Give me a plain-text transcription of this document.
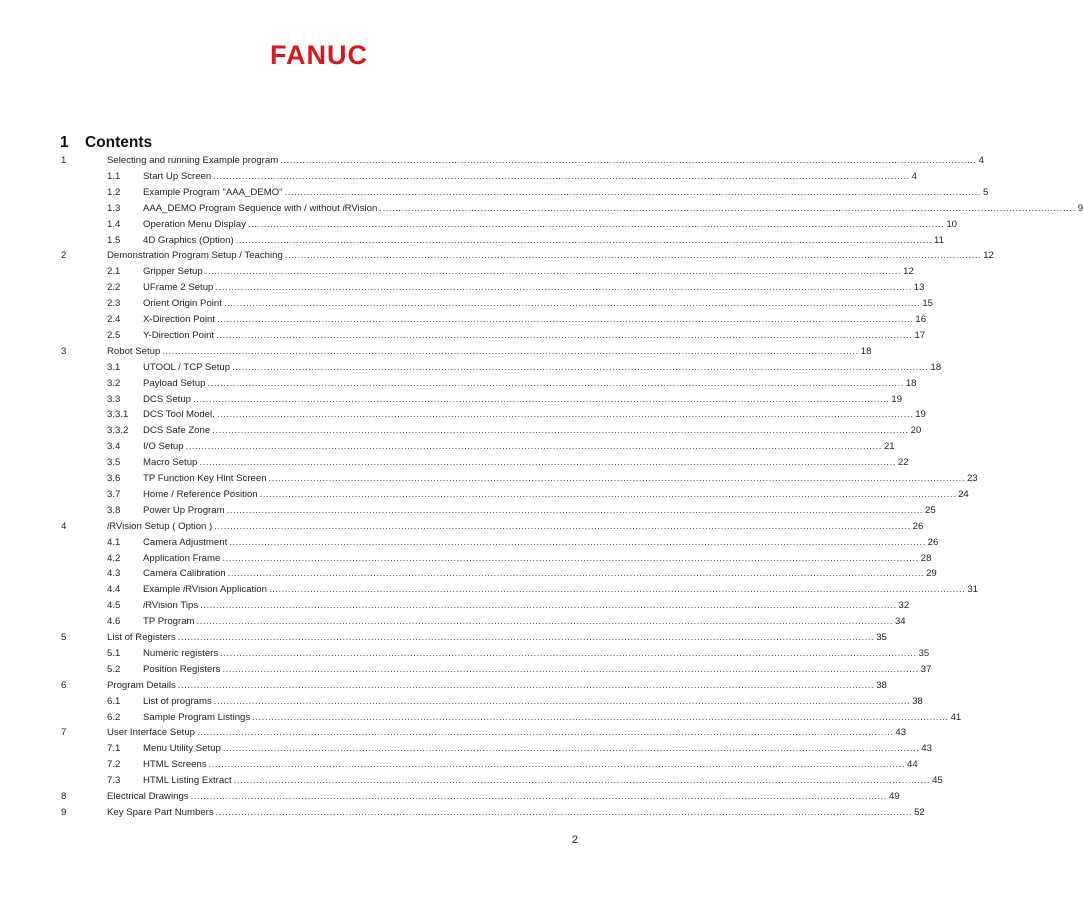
FANUC
1 Contents
1	Selecting and running Example program ............................................................................................................................................................................................................................ 4
1.1 Start Up Screen ............................................................................................................................................................................................................................ 4
1.2 Example Program "AAA_DEMO" ............................................................................................................................................................................................................................ 5
1.3 AAA_DEMO Program Sequence with / without iRVision ............................................................................................................................................................................................................................ 9
1.4 Operation Menu Display ............................................................................................................................................................................................................................ 10
1.5 4D Graphics (Option) ............................................................................................................................................................................................................................ 11
2	Demonstration Program Setup / Teaching ............................................................................................................................................................................................................................ 12
2.1 Gripper Setup ............................................................................................................................................................................................................................ 12
2.2 UFrame 2 Setup ............................................................................................................................................................................................................................ 13
2.3 Orient Origin Point ............................................................................................................................................................................................................................ 15
2.4 X-Direction Point ............................................................................................................................................................................................................................ 16
2.5 Y-Direction Point ............................................................................................................................................................................................................................ 17
3	Robot Setup ............................................................................................................................................................................................................................ 18
3.1 UTOOL / TCP Setup ............................................................................................................................................................................................................................ 18
3.2 Payload Setup ............................................................................................................................................................................................................................ 18
3.3 DCS Setup ............................................................................................................................................................................................................................ 19
3.3.1 DCS Tool Model. ............................................................................................................................................................................................................................ 19
3.3.2 DCS Safe Zone ............................................................................................................................................................................................................................ 20
3.4 I/O Setup ............................................................................................................................................................................................................................ 21
3.5 Macro Setup ............................................................................................................................................................................................................................ 22
3.6 TP Function Key Hint Screen ............................................................................................................................................................................................................................ 23
3.7 Home / Reference Position ............................................................................................................................................................................................................................ 24
3.8 Power Up Program ............................................................................................................................................................................................................................ 25
4	iRVision Setup ( Option ) ............................................................................................................................................................................................................................ 26
4.1 Camera Adjustment ............................................................................................................................................................................................................................ 26
4.2 Application Frame ............................................................................................................................................................................................................................ 28
4.3 Camera Calibration ............................................................................................................................................................................................................................ 29
4.4 Example iRVision Application ............................................................................................................................................................................................................................ 31
4.5 iRVision Tips ............................................................................................................................................................................................................................ 32
4.6 TP Program ............................................................................................................................................................................................................................ 34
5	List of Registers ............................................................................................................................................................................................................................ 35
5.1 Numeric registers ............................................................................................................................................................................................................................ 35
5.2 Position Registers ............................................................................................................................................................................................................................ 37
6	Program Details ............................................................................................................................................................................................................................ 38
6.1 List of programs ............................................................................................................................................................................................................................ 38
6.2 Sample Program Listings ............................................................................................................................................................................................................................ 41
7	User Interface Setup ............................................................................................................................................................................................................................ 43
7.1 Menu Utility Setup ............................................................................................................................................................................................................................ 43
7.2 HTML Screens ............................................................................................................................................................................................................................ 44
7.3 HTML Listing Extract ............................................................................................................................................................................................................................ 45
8	Electrical Drawings ............................................................................................................................................................................................................................ 49
9	Key Spare Part Numbers ............................................................................................................................................................................................................................ 52
2
